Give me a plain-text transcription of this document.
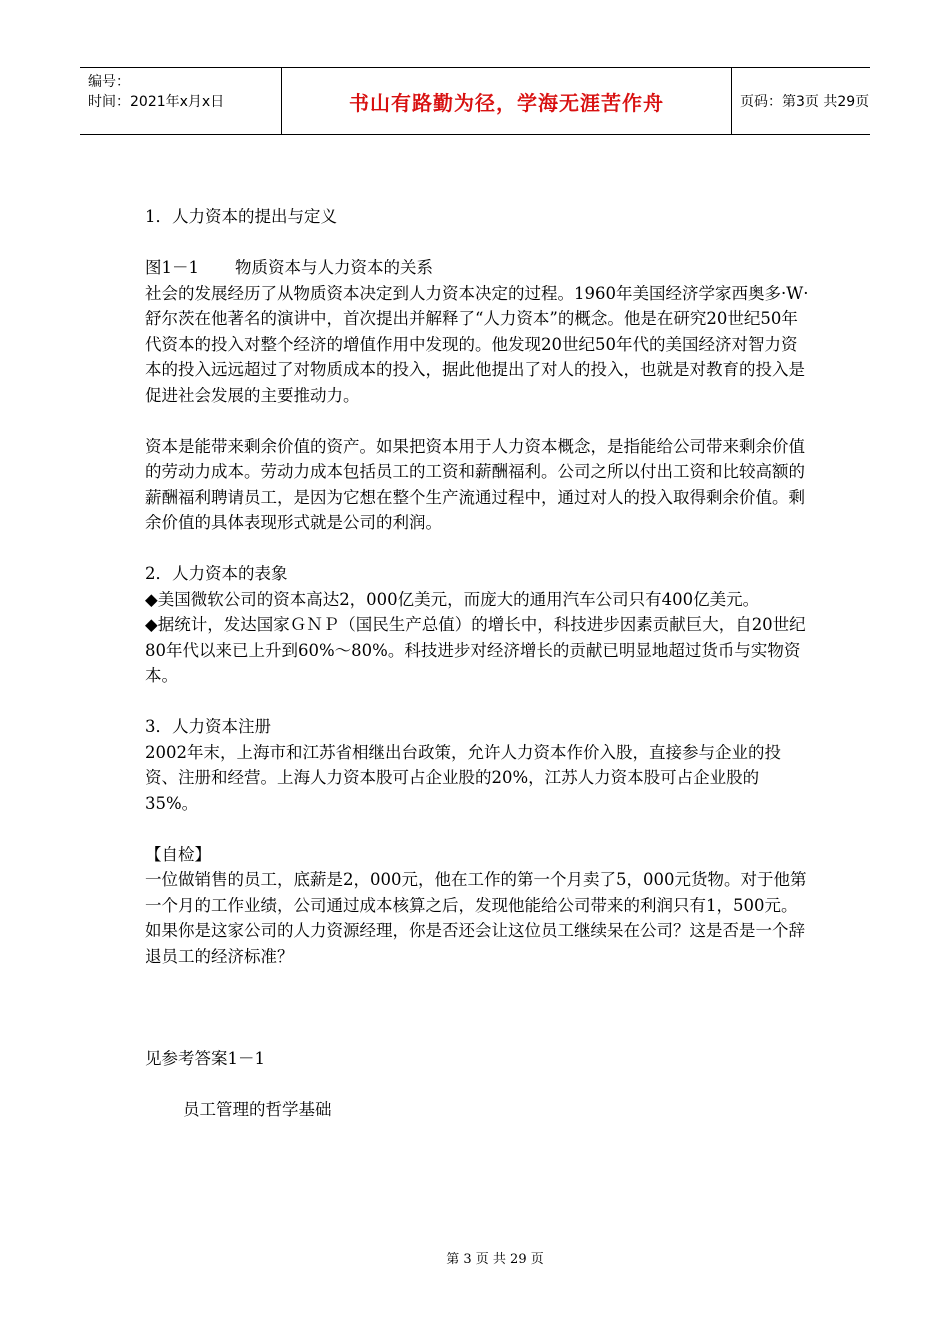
编号：
时间：2021年x月x日	书山有路勤为径，学海无涯苦作舟	页码：第3页 共29页

1．人力资本的提出与定义

图1－1 物质资本与人力资本的关系

社会的发展经历了从物质资本决定到人力资本决定的过程。1960年美国经济学家西奥多·W·舒尔茨在他著名的演讲中，首次提出并解释了“人力资本”的概念。他是在研究20世纪50年代资本的投入对整个经济的增值作用中发现的。他发现20世纪50年代的美国经济对智力资本的投入远远超过了对物质成本的投入，据此他提出了对人的投入，也就是对教育的投入是促进社会发展的主要推动力。

资本是能带来剩余价值的资产。如果把资本用于人力资本概念，是指能给公司带来剩余价值的劳动力成本。劳动力成本包括员工的工资和薪酬福利。公司之所以付出工资和比较高额的薪酬福利聘请员工，是因为它想在整个生产流通过程中，通过对人的投入取得剩余价值。剩余价值的具体表现形式就是公司的利润。

2．人力资本的表象

◆美国微软公司的资本高达2，000亿美元，而庞大的通用汽车公司只有400亿美元。

◆据统计，发达国家ＧＮＰ（国民生产总值）的增长中，科技进步因素贡献巨大，自20世纪80年代以来已上升到60%～80%。科技进步对经济增长的贡献已明显地超过货币与实物资本。

3．人力资本注册

2002年末，上海市和江苏省相继出台政策，允许人力资本作价入股，直接参与企业的投资、注册和经营。上海人力资本股可占企业股的20%，江苏人力资本股可占企业股的35%。

【自检】

一位做销售的员工，底薪是2，000元，他在工作的第一个月卖了5，000元货物。对于他第一个月的工作业绩，公司通过成本核算之后，发现他能给公司带来的利润只有1，500元。

如果你是这家公司的人力资源经理，你是否还会让这位员工继续呆在公司？这是否是一个辞退员工的经济标准？

见参考答案1－1

员工管理的哲学基础

第 3 页 共 29 页
